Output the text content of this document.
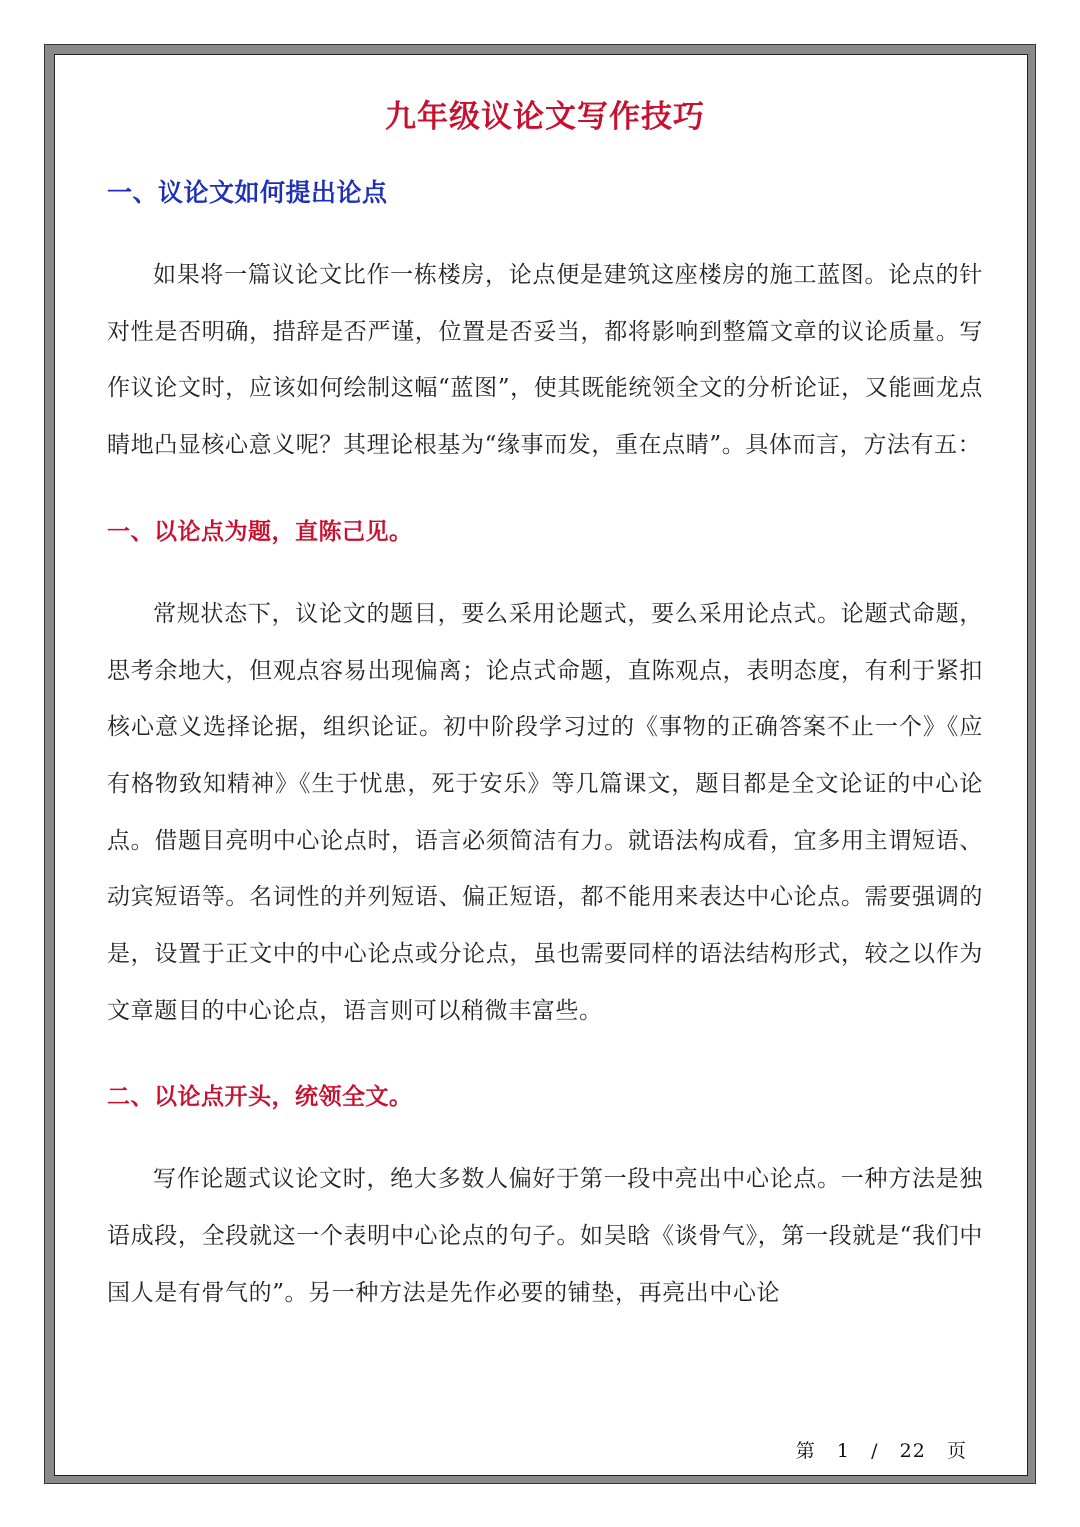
九年级议论文写作技巧
一、议论文如何提出论点

如果将一篇议论文比作一栋楼房，论点便是建筑这座楼房的施工蓝图。论点的针对性是否明确，措辞是否严谨，位置是否妥当，都将影响到整篇文章的议论质量。写作议论文时，应该如何绘制这幅“蓝图”，使其既能统领全文的分析论证，又能画龙点睛地凸显核心意义呢？其理论根基为“缘事而发，重在点睛”。具体而言，方法有五：

一、以论点为题，直陈己见。

常规状态下，议论文的题目，要么采用论题式，要么采用论点式。论题式命题，思考余地大，但观点容易出现偏离；论点式命题，直陈观点，表明态度，有利于紧扣核心意义选择论据，组织论证。初中阶段学习过的《事物的正确答案不止一个》《应有格物致知精神》《生于忧患，死于安乐》等几篇课文，题目都是全文论证的中心论点。借题目亮明中心论点时，语言必须简洁有力。就语法构成看，宜多用主谓短语、动宾短语等。名词性的并列短语、偏正短语，都不能用来表达中心论点。需要强调的是，设置于正文中的中心论点或分论点，虽也需要同样的语法结构形式，较之以作为文章题目的中心论点，语言则可以稍微丰富些。

二、以论点开头，统领全文。

写作论题式议论文时，绝大多数人偏好于第一段中亮出中心论点。一种方法是独语成段，全段就这一个表明中心论点的句子。如吴晗《谈骨气》，第一段就是“我们中国人是有骨气的”。另一种方法是先作必要的铺垫，再亮出中心论

第 1 / 22 页
